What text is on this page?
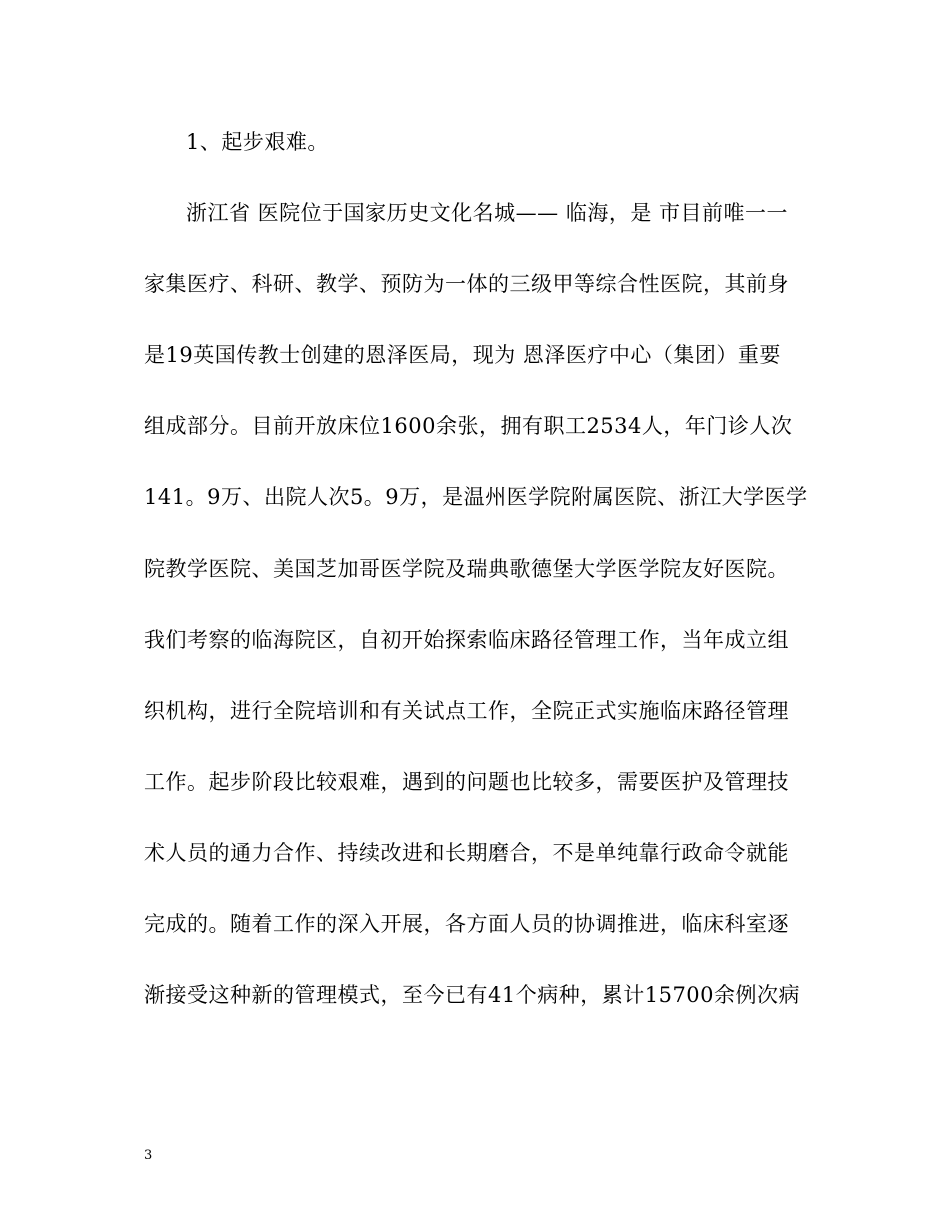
1、起步艰难。
浙江省 医院位于国家历史文化名城—— 临海，是 市目前唯一一
家集医疗、科研、教学、预防为一体的三级甲等综合性医院，其前身
是19英国传教士创建的恩泽医局，现为 恩泽医疗中心（集团）重要
组成部分。目前开放床位1600余张，拥有职工2534人，年门诊人次
141。9万、出院人次5。9万，是温州医学院附属医院、浙江大学医学
院教学医院、美国芝加哥医学院及瑞典歌德堡大学医学院友好医院。
我们考察的临海院区，自初开始探索临床路径管理工作，当年成立组
织机构，进行全院培训和有关试点工作，全院正式实施临床路径管理
工作。起步阶段比较艰难，遇到的问题也比较多，需要医护及管理技
术人员的通力合作、持续改进和长期磨合，不是单纯靠行政命令就能
完成的。随着工作的深入开展，各方面人员的协调推进，临床科室逐
渐接受这种新的管理模式，至今已有41个病种，累计15700余例次病
3
